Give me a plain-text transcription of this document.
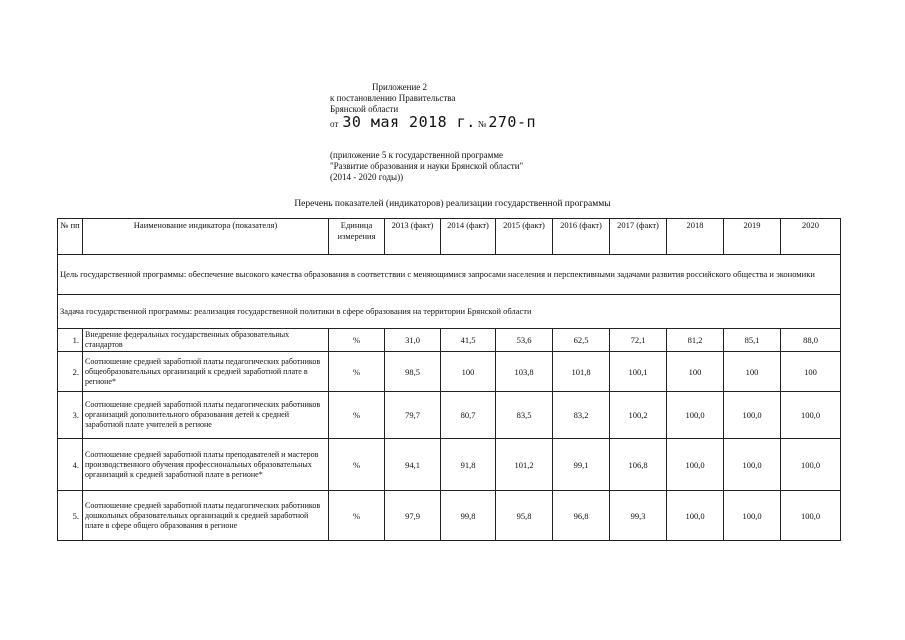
Приложение 2
к постановлению Правительства
Брянской области
от 30 мая 2018 г. № 270-п
(приложение 5 к государственной программе
"Развитие образования и науки Брянской области"
(2014 - 2020 годы))
Перечень показателей (индикаторов) реализации государственной программы
№ пп	Наименование индикатора (показателя)	Единица измерения	2013 (факт)	2014 (факт)	2015 (факт)	2016 (факт)	2017 (факт)	2018	2019	2020
Цель государственной программы: обеспечение высокого качества образования в соответствии с меняющимися запросами населения и перспективными задачами развития российского общества и экономики										
Задача государственной программы: реализация государственной политики в сфере образования на территории Брянской области										
1.	Внедрение федеральных государственных образовательных стандартов	%	31,0	41,5	53,6	62,5	72,1	81,2	85,1	88,0
2.	Соотношение средней заработной платы педагогических работников общеобразовательных организаций к средней заработной плате в регионе*	%	98,5	100	103,8	101,8	100,1	100	100	100
3.	Соотношение средней заработной платы педагогических работников организаций дополнительного образования детей к средней заработной плате учителей в регионе	%	79,7	80,7	83,5	83,2	100,2	100,0	100,0	100,0
4.	Соотношение средней заработной платы преподавателей и мастеров производственного обучения профессиональных образовательных организаций к средней заработной плате в регионе*	%	94,1	91,8	101,2	99,1	106,8	100,0	100,0	100,0
5.	Соотношение средней заработной платы педагогических работников дошкольных образовательных организаций к средней заработной плате в сфере общего образования в регионе	%	97,9	99,8	95,8	96,8	99,3	100,0	100,0	100,0
